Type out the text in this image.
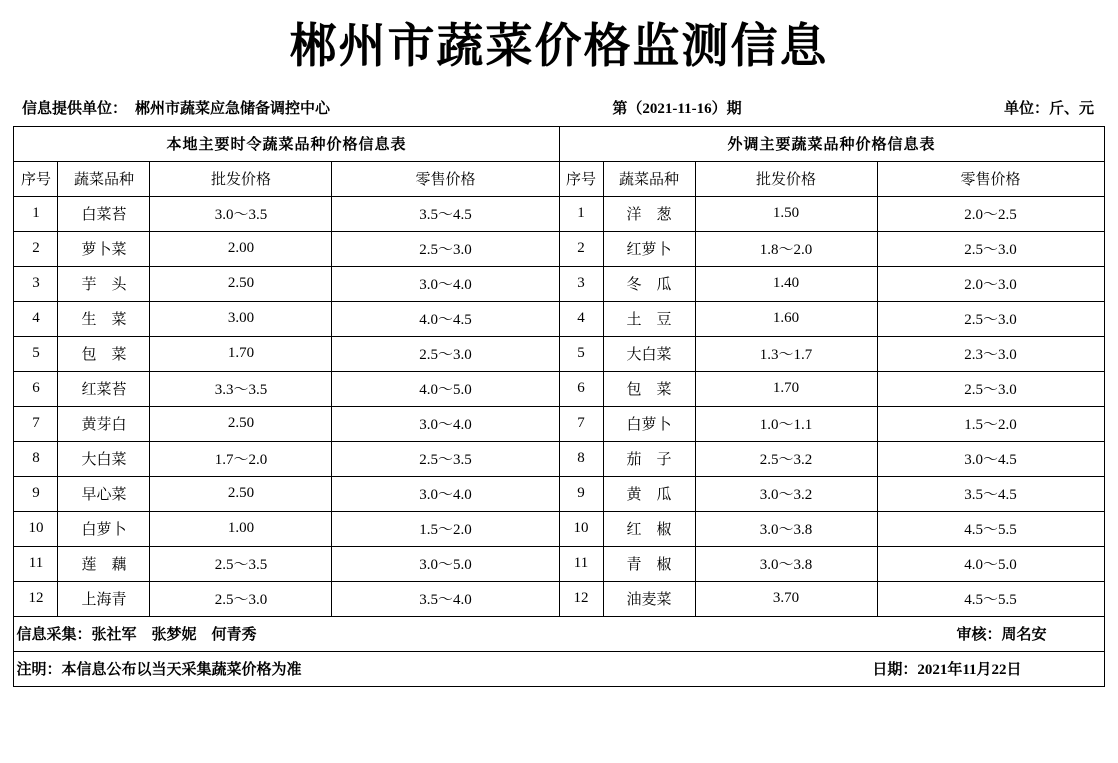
郴州市蔬菜价格监测信息
信息提供单位： 郴州市蔬菜应急储备调控中心	第（2021-11-16）期	单位：斤、元
本地主要时令蔬菜品种价格信息表				外调主要蔬菜品种价格信息表			
序号	蔬菜品种	批发价格	零售价格	序号	蔬菜品种	批发价格	零售价格
1	白菜苔	3.0～3.5	3.5～4.5	1	洋　葱	1.50	2.0～2.5
2	萝卜菜	2.00	2.5～3.0	2	红萝卜	1.8～2.0	2.5～3.0
3	芋　头	2.50	3.0～4.0	3	冬　瓜	1.40	2.0～3.0
4	生　菜	3.00	4.0～4.5	4	土　豆	1.60	2.5～3.0
5	包　菜	1.70	2.5～3.0	5	大白菜	1.3～1.7	2.3～3.0
6	红菜苔	3.3～3.5	4.0～5.0	6	包　菜	1.70	2.5～3.0
7	黄芽白	2.50	3.0～4.0	7	白萝卜	1.0～1.1	1.5～2.0
8	大白菜	1.7～2.0	2.5～3.5	8	茄　子	2.5～3.2	3.0～4.5
9	早心菜	2.50	3.0～4.0	9	黄　瓜	3.0～3.2	3.5～4.5
10	白萝卜	1.00	1.5～2.0	10	红　椒	3.0～3.8	4.5～5.5
11	莲　藕	2.5～3.5	3.0～5.0	11	青　椒	3.0～3.8	4.0～5.0
12	上海青	2.5～3.0	3.5～4.0	12	油麦菜	3.70	4.5～5.5

信息采集：张社军　张梦妮　何青秀 审核：周名安							

注明：本信息公布以当天采集蔬菜价格为准 日期：2021年11月22日							
